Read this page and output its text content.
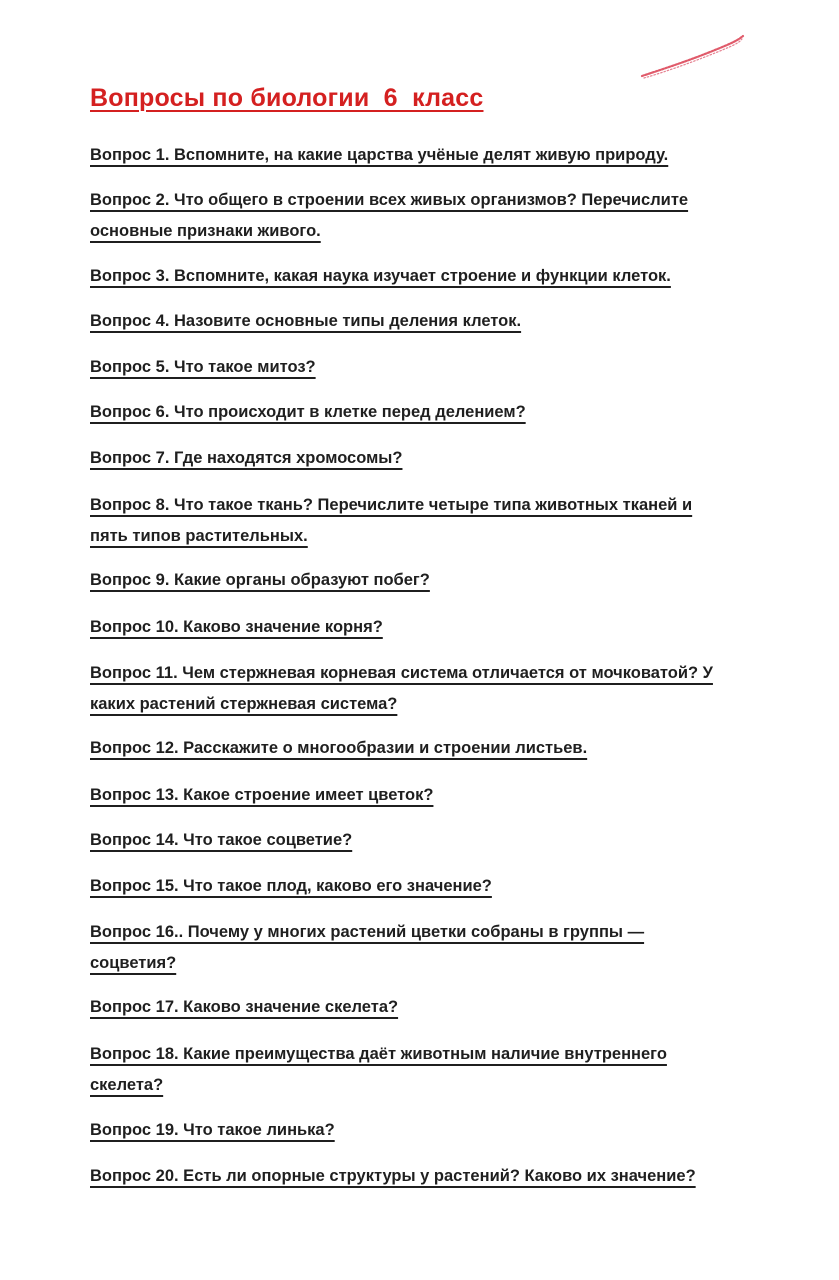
Вопросы по биологии  6  класс

Вопрос 1. Вспомните, на какие царства учёные делят живую природу.

Вопрос 2. Что общего в строении всех живых организмов? Перечислите
основные признаки живого.

Вопрос 3. Вспомните, какая наука изучает строение и функции клеток.

Вопрос 4. Назовите основные типы деления клеток.

Вопрос 5. Что такое митоз?

Вопрос 6. Что происходит в клетке перед делением?

Вопрос 7. Где находятся хромосомы?

Вопрос 8. Что такое ткань? Перечислите четыре типа животных тканей и
пять типов растительных.

Вопрос 9. Какие органы образуют побег?

Вопрос 10. Каково значение корня?

Вопрос 11. Чем стержневая корневая система отличается от мочковатой? У
каких растений стержневая система?

Вопрос 12. Расскажите о многообразии и строении листьев.

Вопрос 13. Какое строение имеет цветок?

Вопрос 14. Что такое соцветие?

Вопрос 15. Что такое плод, каково его значение?

Вопрос 16.. Почему у многих растений цветки собраны в группы —
соцветия?

Вопрос 17. Каково значение скелета?

Вопрос 18. Какие преимущества даёт животным наличие внутреннего
скелета?

Вопрос 19. Что такое линька?

Вопрос 20. Есть ли опорные структуры у растений? Каково их значение?
